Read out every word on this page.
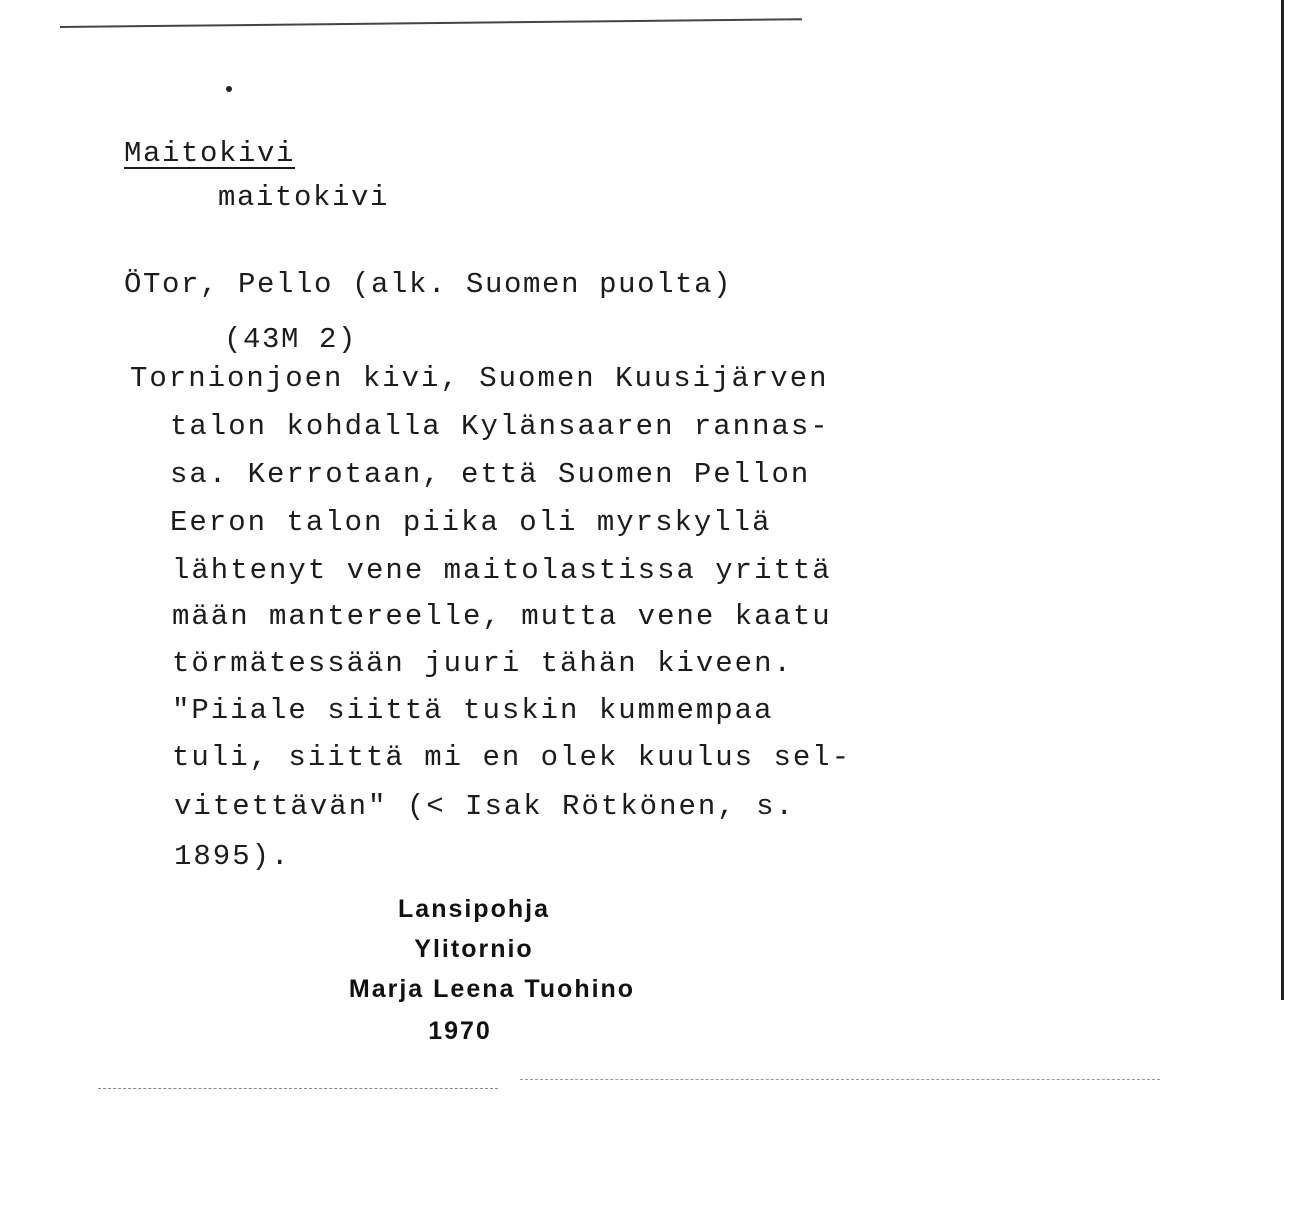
Maitokivi
maitokivi
ÖTor, Pello (alk. Suomen puolta)
(43M 2)
Tornionjoen kivi, Suomen Kuusijärven
talon kohdalla Kylänsaaren rannas-
sa. Kerrotaan, että Suomen Pellon
Eeron talon piika oli myrskyllä
lähtenyt vene maitolastissa yrittä
mään mantereelle, mutta vene kaatu
törmätessään juuri tähän kiveen.
"Piiale siittä tuskin kummempaa
tuli, siittä mi en olek kuulus sel-
vitettävän" (< Isak Rötkönen, s.
1895).
Lansipohja
Ylitornio
Marja Leena Tuohino
1970
